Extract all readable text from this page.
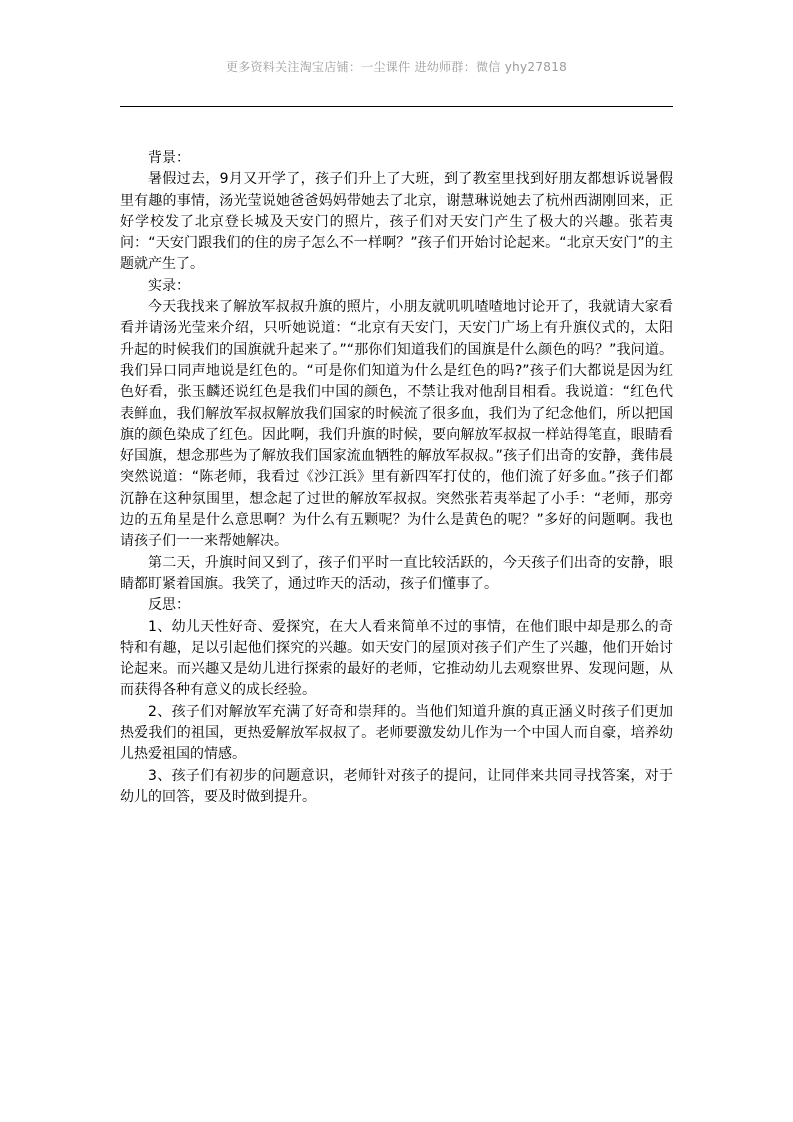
更多资料关注淘宝店铺：一尘课件 进幼师群：微信 yhy27818

背景：

暑假过去，9月又开学了，孩子们升上了大班，到了教室里找到好朋友都想诉说暑假里有趣的事情，汤光莹说她爸爸妈妈带她去了北京，谢慧琳说她去了杭州西湖刚回来，正好学校发了北京登长城及天安门的照片，孩子们对天安门产生了极大的兴趣。张若夷问：“天安门跟我们的住的房子怎么不一样啊？”孩子们开始讨论起来。“北京天安门”的主题就产生了。

实录：

今天我找来了解放军叔叔升旗的照片，小朋友就叽叽喳喳地讨论开了，我就请大家看看并请汤光莹来介绍，只听她说道：“北京有天安门，天安门广场上有升旗仪式的，太阳升起的时候我们的国旗就升起来了。”“那你们知道我们的国旗是什么颜色的吗？”我问道。我们异口同声地说是红色的。“可是你们知道为什么是红色的吗?”孩子们大都说是因为红色好看，张玉麟还说红色是我们中国的颜色，不禁让我对他刮目相看。我说道：“红色代表鲜血，我们解放军叔叔解放我们国家的时候流了很多血，我们为了纪念他们，所以把国旗的颜色染成了红色。因此啊，我们升旗的时候，要向解放军叔叔一样站得笔直，眼睛看好国旗，想念那些为了解放我们国家流血牺牲的解放军叔叔。”孩子们出奇的安静，龚伟晨突然说道：“陈老师，我看过《沙江浜》里有新四军打仗的，他们流了好多血。”孩子们都沉静在这种氛围里，想念起了过世的解放军叔叔。突然张若夷举起了小手：“老师，那旁边的五角星是什么意思啊？为什么有五颗呢？为什么是黄色的呢？”多好的问题啊。我也请孩子们一一来帮她解决。

第二天，升旗时间又到了，孩子们平时一直比较活跃的，今天孩子们出奇的安静，眼睛都盯紧着国旗。我笑了，通过昨天的活动，孩子们懂事了。

反思：

1、幼儿天性好奇、爱探究，在大人看来简单不过的事情，在他们眼中却是那么的奇特和有趣，足以引起他们探究的兴趣。如天安门的屋顶对孩子们产生了兴趣，他们开始讨论起来。而兴趣又是幼儿进行探索的最好的老师，它推动幼儿去观察世界、发现问题，从而获得各种有意义的成长经验。

2、孩子们对解放军充满了好奇和崇拜的。当他们知道升旗的真正涵义时孩子们更加热爱我们的祖国，更热爱解放军叔叔了。老师要激发幼儿作为一个中国人而自豪，培养幼儿热爱祖国的情感。

3、孩子们有初步的问题意识，老师针对孩子的提问，让同伴来共同寻找答案，对于幼儿的回答，要及时做到提升。
